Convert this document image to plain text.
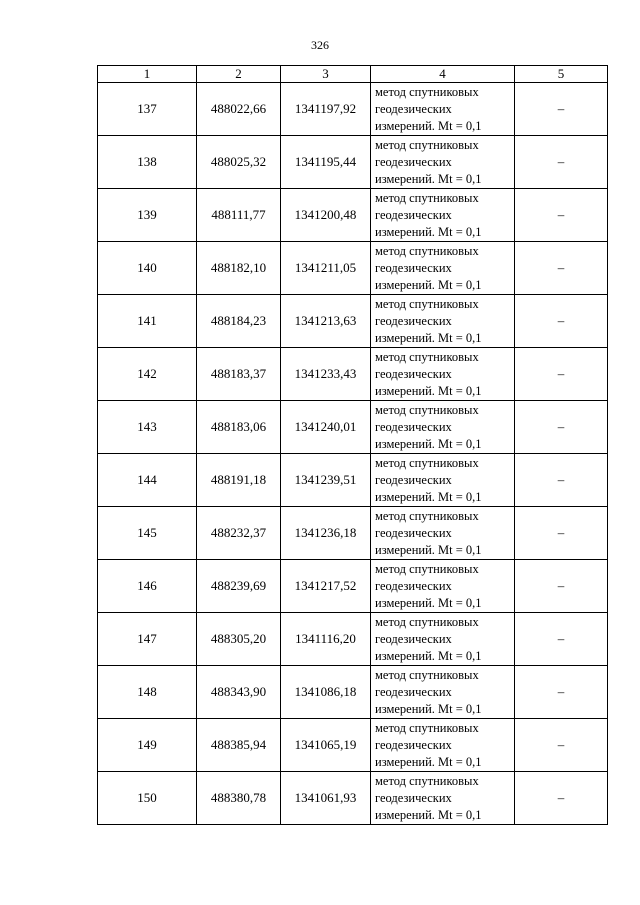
326
1	2	3	4	5
137	488022,66	1341197,92	метод спутниковых
геодезических
измерений. Mt = 0,1	–
138	488025,32	1341195,44	метод спутниковых
геодезических
измерений. Mt = 0,1	–
139	488111,77	1341200,48	метод спутниковых
геодезических
измерений. Mt = 0,1	–
140	488182,10	1341211,05	метод спутниковых
геодезических
измерений. Mt = 0,1	–
141	488184,23	1341213,63	метод спутниковых
геодезических
измерений. Mt = 0,1	–
142	488183,37	1341233,43	метод спутниковых
геодезических
измерений. Mt = 0,1	–
143	488183,06	1341240,01	метод спутниковых
геодезических
измерений. Mt = 0,1	–
144	488191,18	1341239,51	метод спутниковых
геодезических
измерений. Mt = 0,1	–
145	488232,37	1341236,18	метод спутниковых
геодезических
измерений. Mt = 0,1	–
146	488239,69	1341217,52	метод спутниковых
геодезических
измерений. Mt = 0,1	–
147	488305,20	1341116,20	метод спутниковых
геодезических
измерений. Mt = 0,1	–
148	488343,90	1341086,18	метод спутниковых
геодезических
измерений. Mt = 0,1	–
149	488385,94	1341065,19	метод спутниковых
геодезических
измерений. Mt = 0,1	–
150	488380,78	1341061,93	метод спутниковых
геодезических
измерений. Mt = 0,1	–
